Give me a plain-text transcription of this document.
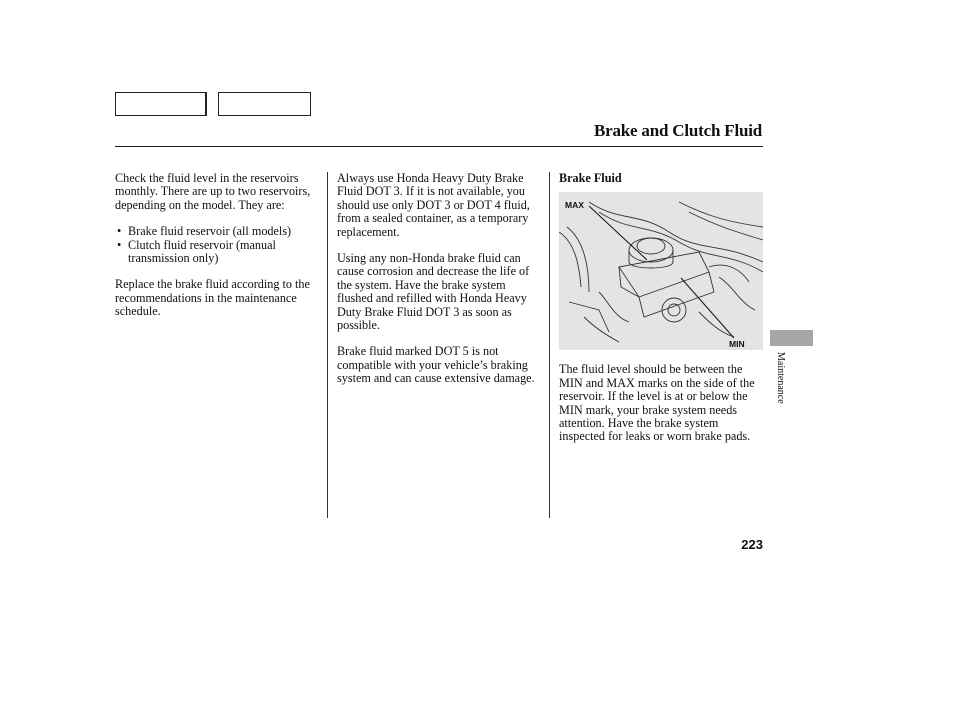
Brake and Clutch Fluid

Check the fluid level in the reservoirs monthly. There are up to two reservoirs, depending on the model. They are:

• Brake fluid reservoir (all models)
• Clutch fluid reservoir (manual transmission only)

Replace the brake fluid according to the recommendations in the maintenance schedule.

Always use Honda Heavy Duty Brake Fluid DOT 3. If it is not available, you should use only DOT 3 or DOT 4 fluid, from a sealed container, as a temporary replacement.

Using any non-Honda brake fluid can cause corrosion and decrease the life of the system. Have the brake system flushed and refilled with Honda Heavy Duty Brake Fluid DOT 3 as soon as possible.

Brake fluid marked DOT 5 is not compatible with your vehicle’s braking system and can cause extensive damage.

Brake Fluid
MAX
MIN

The fluid level should be between the MIN and MAX marks on the side of the reservoir. If the level is at or below the MIN mark, your brake system needs attention. Have the brake system inspected for leaks or worn brake pads.

Maintenance
223
